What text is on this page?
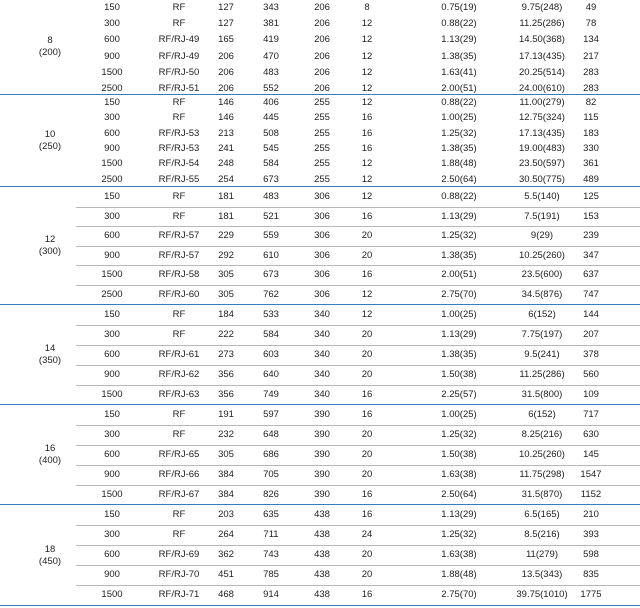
8
(200)
150	RF	127	343	206	8	0.75(19)	9.75(248)	49
300	RF	127	381	206	12	0.88(22)	11.25(286)	78
600	RF/RJ-49	165	419	206	12	1.13(29)	14.50(368)	134
900	RF/RJ-49	206	470	206	12	1.38(35)	17.13(435)	217
1500	RF/RJ-50	206	483	206	12	1.63(41)	20.25(514)	283
2500	RF/RJ-51	206	552	206	12	2.00(51)	24.00(610)	283
10
(250)
150	RF	146	406	255	12	0.88(22)	11.00(279)	82
300	RF	146	445	255	16	1.00(25)	12.75(324)	115
600	RF/RJ-53	213	508	255	16	1.25(32)	17.13(435)	183
900	RF/RJ-53	241	545	255	16	1.38(35)	19.00(483)	330
1500	RF/RJ-54	248	584	255	12	1.88(48)	23.50(597)	361
2500	RF/RJ-55	254	673	255	12	2.50(64)	30.50(775)	489
12
(300)
150	RF	181	483	306	12	0.88(22)	5.5(140)	125
300	RF	181	521	306	16	1.13(29)	7.5(191)	153
600	RF/RJ-57	229	559	306	20	1.25(32)	9(29)	239
900	RF/RJ-57	292	610	306	20	1.38(35)	10.25(260)	347
1500	RF/RJ-58	305	673	306	16	2.00(51)	23.5(600)	637
2500	RF/RJ-60	305	762	306	12	2.75(70)	34.5(876)	747
14
(350)
150	RF	184	533	340	12	1.00(25)	6(152)	144
300	RF	222	584	340	20	1.13(29)	7.75(197)	207
600	RF/RJ-61	273	603	340	20	1.38(35)	9.5(241)	378
900	RF/RJ-62	356	640	340	20	1.50(38)	11.25(286)	560
1500	RF/RJ-63	356	749	340	16	2.25(57)	31.5(800)	109
16
(400)
150	RF	191	597	390	16	1.00(25)	6(152)	717
300	RF	232	648	390	20	1.25(32)	8.25(216)	630
600	RF/RJ-65	305	686	390	20	1.50(38)	10.25(260)	145
900	RF/RJ-66	384	705	390	20	1.63(38)	11.75(298)	1547
1500	RF/RJ-67	384	826	390	16	2.50(64)	31.5(870)	1152
18
(450)
150	RF	203	635	438	16	1.13(29)	6.5(165)	210
300	RF	264	711	438	24	1.25(32)	8.5(216)	393
600	RF/RJ-69	362	743	438	20	1.63(38)	11(279)	598
900	RF/RJ-70	451	785	438	20	1.88(48)	13.5(343)	835
1500	RF/RJ-71	468	914	438	16	2.75(70)	39.75(1010)	1775
